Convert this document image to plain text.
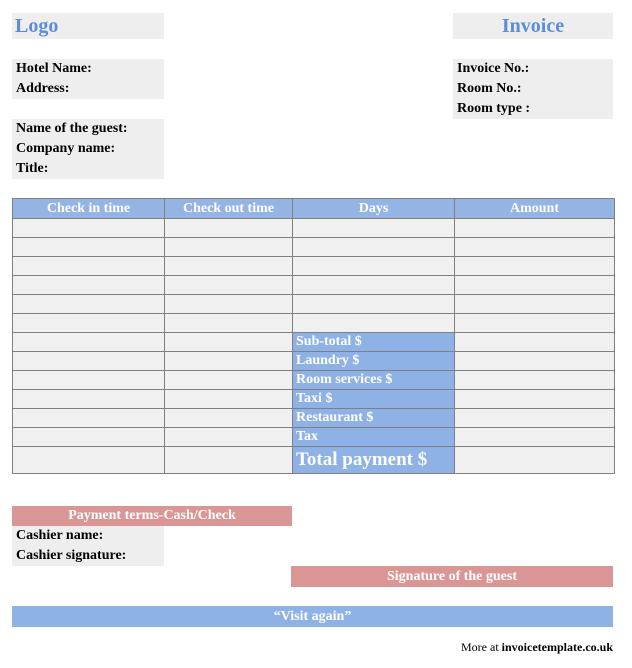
Logo	Invoice
Hotel Name:
Address:
Invoice No.:
Room No.:
Room type :
Name of the guest:
Company name:
Title:
Check in time	Check out time	Days	Amount

		Sub-total $	
		Laundry $	
		Room services $	
		Taxi $	
		Restaurant $	
		Tax	
		Total payment $	
Payment terms-Cash/Check
Cashier name:
Cashier signature:
Signature of the guest
“Visit again”
More at invoicetemplate.co.uk
